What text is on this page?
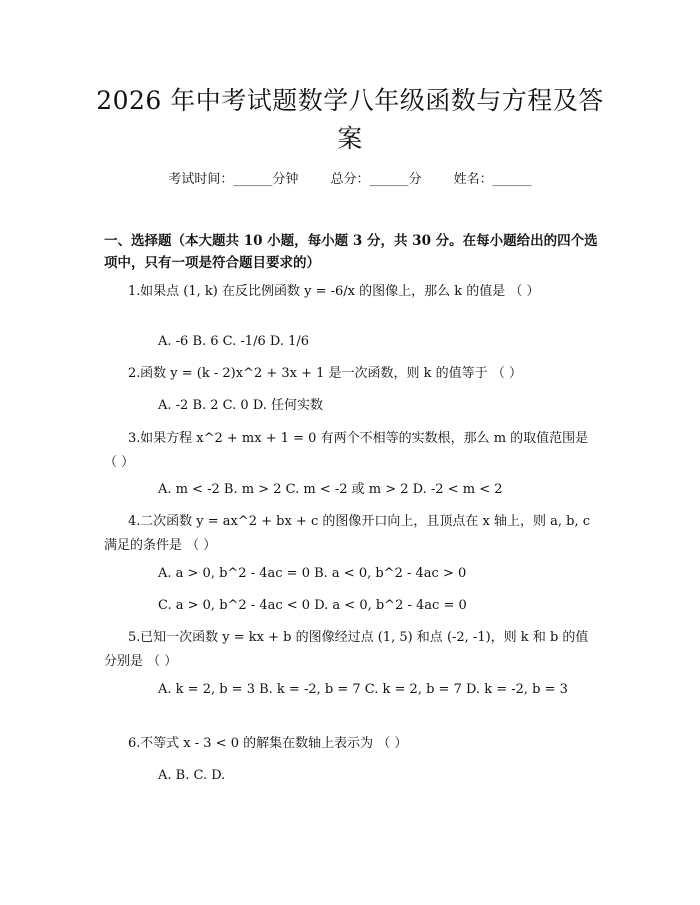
2026 年中考试题数学八年级函数与方程及答案
考试时间：______分钟 总分：______分 姓名：______
一、选择题（本大题共 10 小题，每小题 3 分，共 30 分。在每小题给出的四个选项中，只有一项是符合题目要求的）
1. 如果点 (1, k) 在反比例函数 y = -6/x 的图像上，那么 k 的值是 （ ）
A. -6 B. 6 C. -1/6 D. 1/6
2. 函数 y = (k - 2)x^2 + 3x + 1 是一次函数，则 k 的值等于 （ ）
A. -2 B. 2 C. 0 D. 任何实数
3. 如果方程 x^2 + mx + 1 = 0 有两个不相等的实数根，那么 m 的取值范围是 （ ）
A. m < -2 B. m > 2 C. m < -2 或 m > 2 D. -2 < m < 2
4. 二次函数 y = ax^2 + bx + c 的图像开口向上，且顶点在 x 轴上，则 a, b, c 满足的条件是 （ ）
A. a > 0, b^2 - 4ac = 0 B. a < 0, b^2 - 4ac > 0
C. a > 0, b^2 - 4ac < 0 D. a < 0, b^2 - 4ac = 0
5. 已知一次函数 y = kx + b 的图像经过点 (1, 5) 和点 (-2, -1)，则 k 和 b 的值分别是 （ ）
A. k = 2, b = 3 B. k = -2, b = 7 C. k = 2, b = 7 D. k = -2, b = 3
6. 不等式 x - 3 < 0 的解集在数轴上表示为 （ ）
A. B. C. D.
